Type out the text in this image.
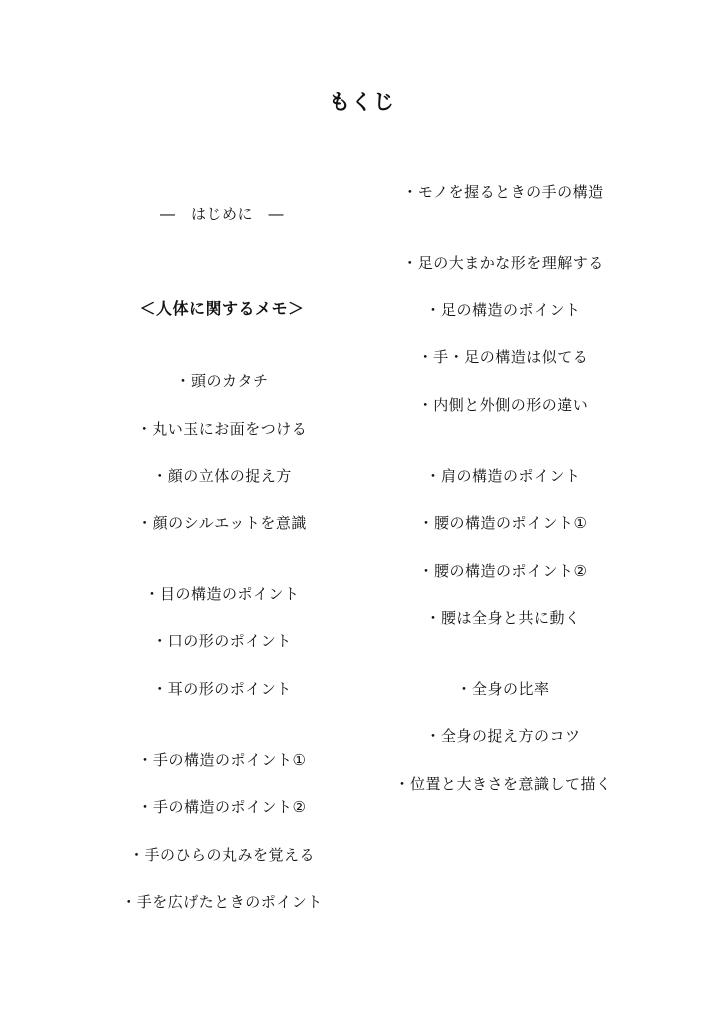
もくじ
―　はじめに　―
＜人体に関するメモ＞
・頭のカタチ
・丸い玉にお面をつける
・顔の立体の捉え方
・顔のシルエットを意識
・目の構造のポイント
・口の形のポイント
・耳の形のポイント
・手の構造のポイント①
・手の構造のポイント②
・手のひらの丸みを覚える
・手を広げたときのポイント
・モノを握るときの手の構造
・足の大まかな形を理解する
・足の構造のポイント
・手・足の構造は似てる
・内側と外側の形の違い
・肩の構造のポイント
・腰の構造のポイント①
・腰の構造のポイント②
・腰は全身と共に動く
・全身の比率
・全身の捉え方のコツ
・位置と大きさを意識して描く
